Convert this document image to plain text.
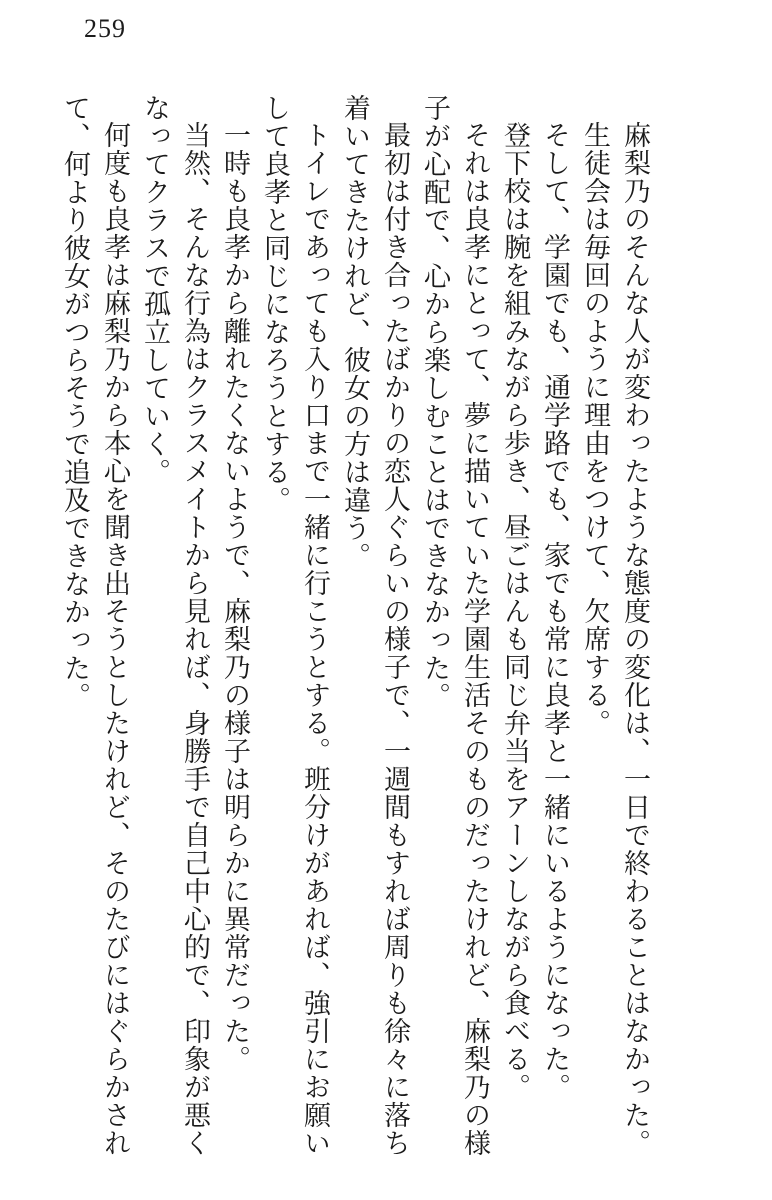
259

麻梨乃のそんな人が変わったような態度の変化は、一日で終わることはなかった。

生徒会は毎回のように理由をつけて、欠席する。

そして、学園でも、通学路でも、家でも常に良孝と一緒にいるようになった。

登下校は腕を組みながら歩き、昼ごはんも同じ弁当をアーンしながら食べる。

それは良孝にとって、夢に描いていた学園生活そのものだったけれど、麻梨乃の様子が心配で、心から楽しむことはできなかった。

最初は付き合ったばかりの恋人ぐらいの様子で、一週間もすれば周りも徐々に落ち着いてきたけれど、彼女の方は違う。

トイレであっても入り口まで一緒に行こうとする。班分けがあれば、強引にお願いして良孝と同じになろうとする。

一時も良孝から離れたくないようで、麻梨乃の様子は明らかに異常だった。

当然、そんな行為はクラスメイトから見れば、身勝手で自己中心的で、印象が悪くなってクラスで孤立していく。

何度も良孝は麻梨乃から本心を聞き出そうとしたけれど、そのたびにはぐらかされて、何より彼女がつらそうで追及できなかった。
